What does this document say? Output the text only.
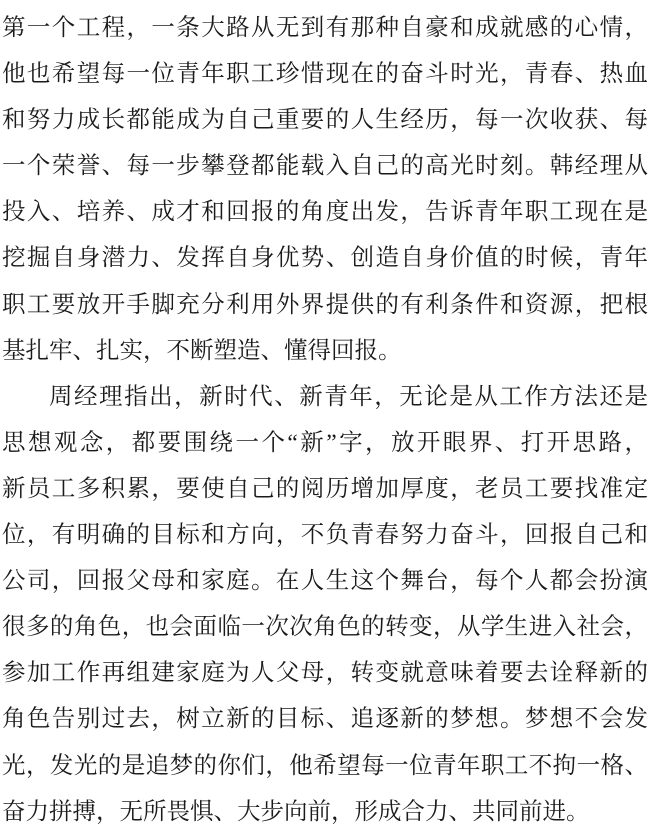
第一个工程，一条大路从无到有那种自豪和成就感的心情，
他也希望每一位青年职工珍惜现在的奋斗时光，青春、热血
和努力成长都能成为自己重要的人生经历，每一次收获、每
一个荣誉、每一步攀登都能载入自己的高光时刻。韩经理从
投入、培养、成才和回报的角度出发，告诉青年职工现在是
挖掘自身潜力、发挥自身优势、创造自身价值的时候，青年
职工要放开手脚充分利用外界提供的有利条件和资源，把根
基扎牢、扎实，不断塑造、懂得回报。
周经理指出，新时代、新青年，无论是从工作方法还是
思想观念，都要围绕一个“新”字，放开眼界、打开思路，
新员工多积累，要使自己的阅历增加厚度，老员工要找准定
位，有明确的目标和方向，不负青春努力奋斗，回报自己和
公司，回报父母和家庭。在人生这个舞台，每个人都会扮演
很多的角色，也会面临一次次角色的转变，从学生进入社会，
参加工作再组建家庭为人父母，转变就意味着要去诠释新的
角色告别过去，树立新的目标、追逐新的梦想。梦想不会发
光，发光的是追梦的你们，他希望每一位青年职工不拘一格、
奋力拼搏，无所畏惧、大步向前，形成合力、共同前进。
